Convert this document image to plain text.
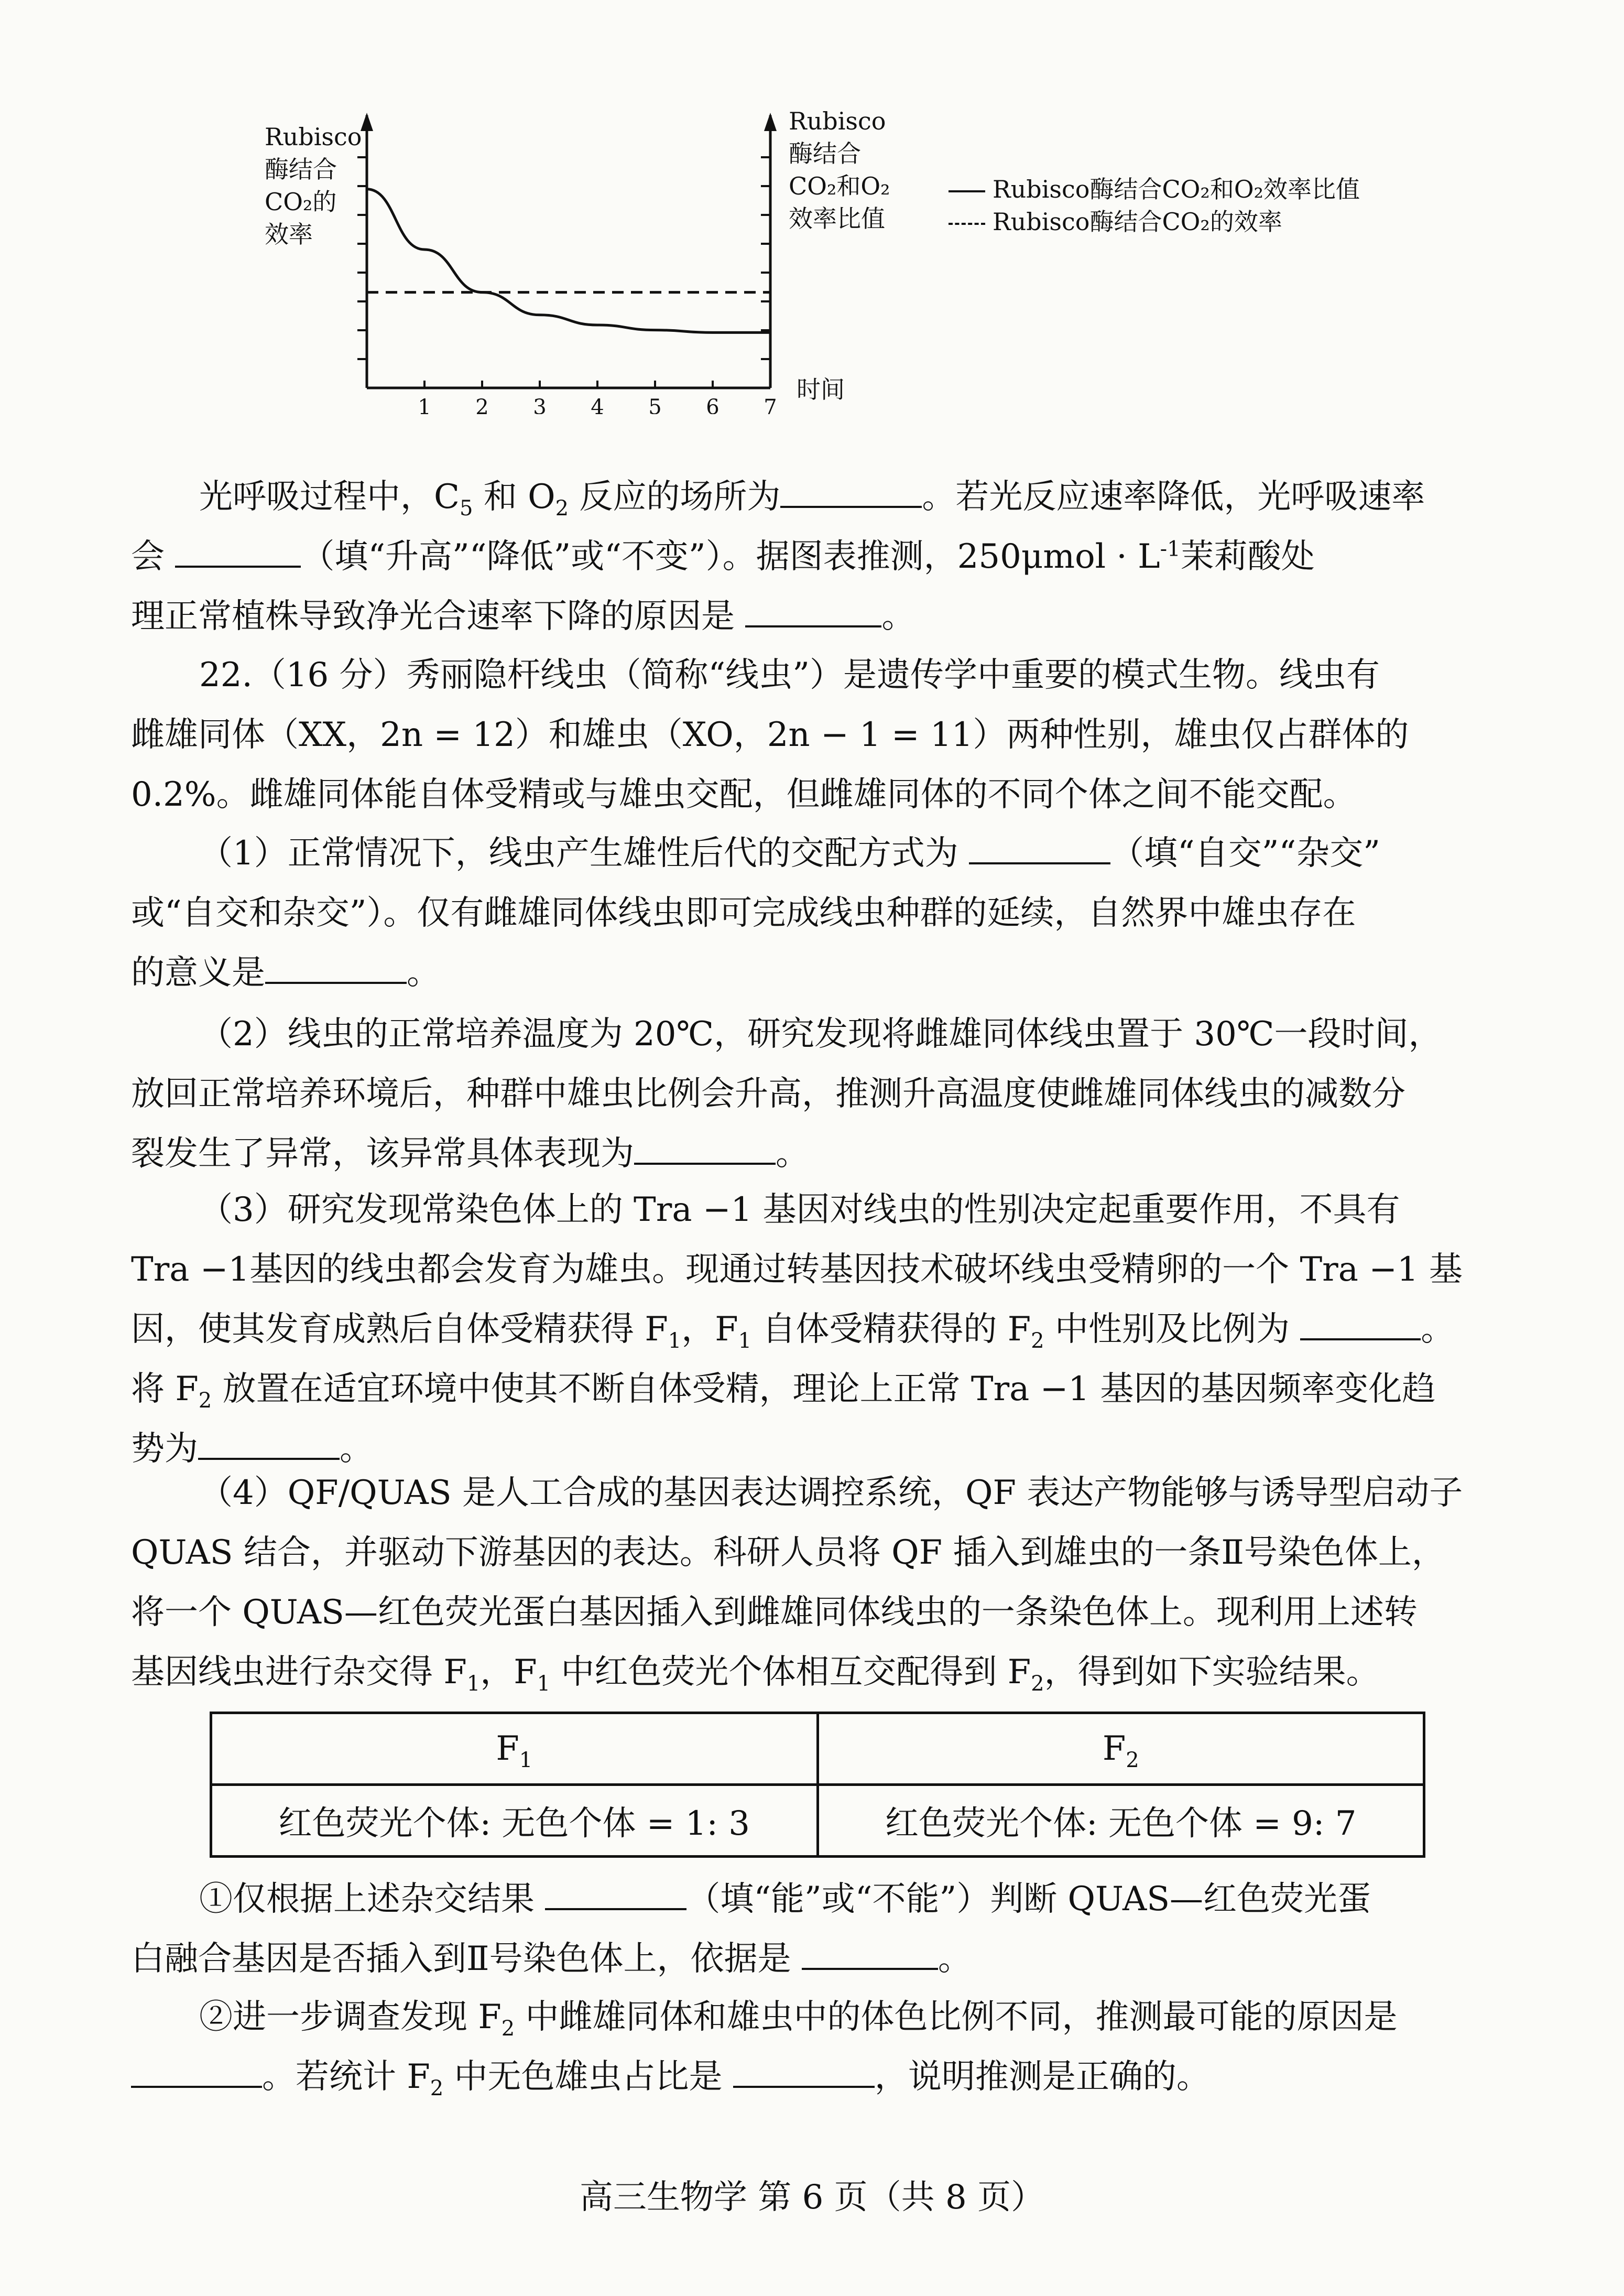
Rubisco
酶结合
CO₂的
效率
Rubisco
酶结合
CO₂和O₂
效率比值
时间
Rubisco酶结合CO₂和O₂效率比值
Rubisco酶结合CO₂的效率
1 2 3 4 5 6 7
光呼吸过程中，$C_5$ 和 $O_2$ 反应的场所为	。若光反应速率降低，光呼吸速率
会	（填“升高”“降低”或“不变”）。据图表推测，$250\mu mol \cdot L^{-1}$茉莉酸处
理正常植株导致净光合速率下降的原因是	。
22.（16 分）秀丽隐杆线虫（简称“线虫”）是遗传学中重要的模式生物。线虫有
雌雄同体（XX，2n = 12）和雄虫（XO，2n − 1 = 11）两种性别，雄虫仅占群体的
0.2%。雌雄同体能自体受精或与雄虫交配，但雌雄同体的不同个体之间不能交配。
（1）正常情况下，线虫产生雄性后代的交配方式为	（填“自交”“杂交”
或“自交和杂交”）。仅有雌雄同体线虫即可完成线虫种群的延续，自然界中雄虫存在
的意义是	。
（2）线虫的正常培养温度为 20℃，研究发现将雌雄同体线虫置于 30℃一段时间，
放回正常培养环境后，种群中雄虫比例会升高，推测升高温度使雌雄同体线虫的减数分
裂发生了异常，该异常具体表现为	。
（3）研究发现常染色体上的 Tra −1 基因对线虫的性别决定起重要作用，不具有
Tra −1基因的线虫都会发育为雄虫。现通过转基因技术破坏线虫受精卵的一个 Tra −1 基
因，使其发育成熟后自体受精获得 $F_1$，$F_1$ 自体受精获得的 $F_2$ 中性别及比例为	。
将 $F_2$ 放置在适宜环境中使其不断自体受精，理论上正常 Tra −1 基因的基因频率变化趋
势为	。
（4）QF/QUAS 是人工合成的基因表达调控系统，QF 表达产物能够与诱导型启动子
QUAS 结合，并驱动下游基因的表达。科研人员将 QF 插入到雄虫的一条Ⅱ号染色体上，
将一个 QUAS—红色荧光蛋白基因插入到雌雄同体线虫的一条染色体上。现利用上述转
基因线虫进行杂交得 $F_1$，$F_1$ 中红色荧光个体相互交配得到 $F_2$，得到如下实验结果。
$F_1$	$F_2$
红色荧光个体: 无色个体 = 1: 3	红色荧光个体: 无色个体 = 9: 7
①仅根据上述杂交结果	（填“能”或“不能”）判断 QUAS—红色荧光蛋
白融合基因是否插入到Ⅱ号染色体上，依据是	。
②进一步调查发现 $F_2$ 中雌雄同体和雄虫中的体色比例不同，推测最可能的原因是
。若统计 $F_2$ 中无色雄虫占比是	，说明推测是正确的。
高三生物学 第 6 页（共 8 页）
